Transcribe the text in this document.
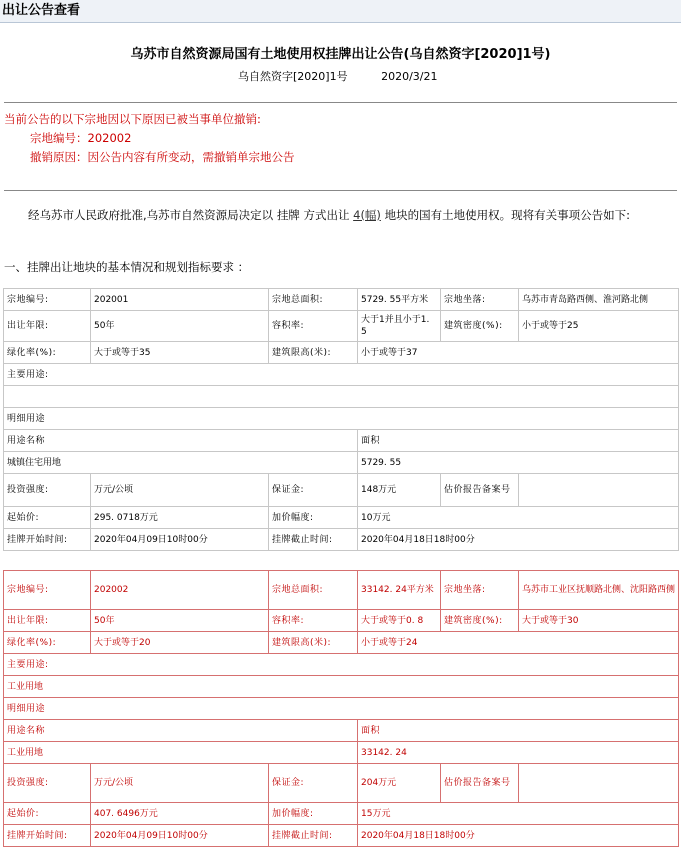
出让公告查看
乌苏市自然资源局国有土地使用权挂牌出让公告(乌自然资字[2020]1号)
乌自然资字[2020]1号	2020/3/21
当前公告的以下宗地因以下原因已被当事单位撤销:
宗地编号：202002
撤销原因：因公告内容有所变动，需撤销单宗地公告
经乌苏市人民政府批准,乌苏市自然资源局决定以 挂牌 方式出让 4(幅) 地块的国有土地使用权。现将有关事项公告如下:
一、挂牌出让地块的基本情况和规划指标要求 ：
宗地编号:	202001	宗地总面积:	5729. 55平方米	宗地坐落:	乌苏市青岛路西侧、淮河路北侧
出让年限:	50年	容积率:	大于1并且小于1. 5	建筑密度(%):	小于或等于25
绿化率(%):	大于或等于35	建筑限高(米):	小于或等于37		
主要用途:					

明细用途					
用途名称			面积		
城镇住宅用地			5729. 55		
投资强度:	万元/公顷	保证金:	148万元	估价报告备案号	
起始价:	295. 0718万元	加价幅度:	10万元		
挂牌开始时间:	2020年04月09日10时00分	挂牌截止时间:	2020年04月18日18时00分		
宗地编号:	202002	宗地总面积:	33142. 24平方米	宗地坐落:	乌苏市工业区抚顺路北侧、沈阳路西侧
出让年限:	50年	容积率:	大于或等于0. 8	建筑密度(%):	大于或等于30
绿化率(%):	大于或等于20	建筑限高(米):	小于或等于24		
主要用途:					
工业用地					
明细用途					
用途名称			面积		
工业用地			33142. 24		
投资强度:	万元/公顷	保证金:	204万元	估价报告备案号	
起始价:	407. 6496万元	加价幅度:	15万元		
挂牌开始时间:	2020年04月09日10时00分	挂牌截止时间:	2020年04月18日18时00分		
